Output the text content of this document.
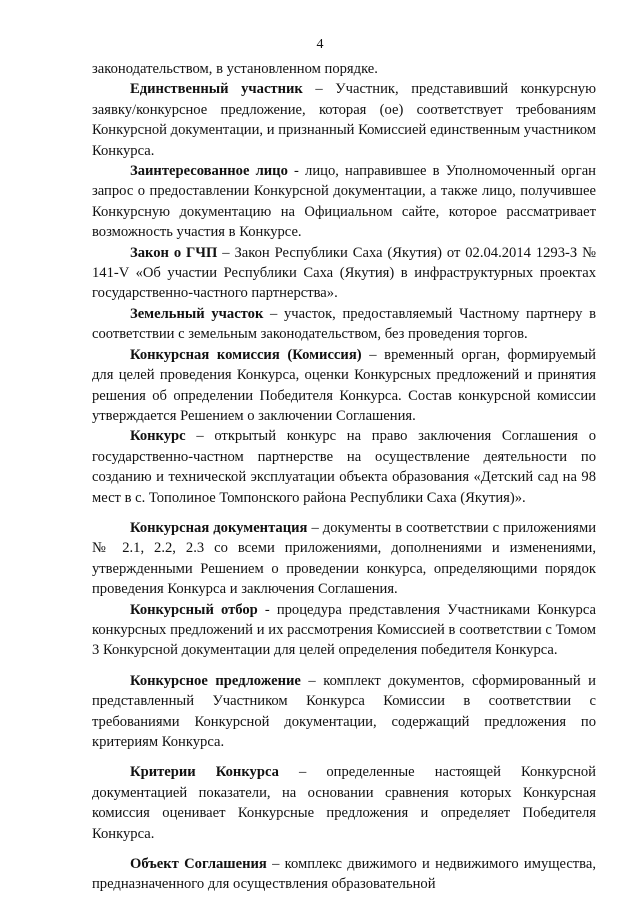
4

законодательством, в установленном порядке.

Единственный участник – Участник, представивший конкурсную заявку/конкурсное предложение, которая (ое) соответствует требованиям Конкурсной документации, и признанный Комиссией единственным участником Конкурса.

Заинтересованное лицо - лицо, направившее в Уполномоченный орган запрос о предоставлении Конкурсной документации, а также лицо, получившее Конкурсную документацию на Официальном сайте, которое рассматривает возможность участия в Конкурсе.

Закон о ГЧП – Закон Республики Саха (Якутия) от 02.04.2014 1293-З № 141-V «Об участии Республики Саха (Якутия) в инфраструктурных проектах государственно-частного партнерства».

Земельный участок – участок, предоставляемый Частному партнеру в соответствии с земельным законодательством, без проведения торгов.

Конкурсная комиссия (Комиссия) – временный орган, формируемый для целей проведения Конкурса, оценки Конкурсных предложений и принятия решения об определении Победителя Конкурса. Состав конкурсной комиссии утверждается Решением о заключении Соглашения.

Конкурс – открытый конкурс на право заключения Соглашения о государственно-частном партнерстве на осуществление деятельности по созданию и технической эксплуатации объекта образования «Детский сад на 98 мест в с. Тополиное Томпонского района Республики Саха (Якутия)».

Конкурсная документация – документы в соответствии с приложениями № 2.1, 2.2, 2.3 со всеми приложениями, дополнениями и изменениями, утвержденными Решением о проведении конкурса, определяющими порядок проведения Конкурса и заключения Соглашения.

Конкурсный отбор - процедура представления Участниками Конкурса конкурсных предложений и их рассмотрения Комиссией в соответствии с Томом 3 Конкурсной документации для целей определения победителя Конкурса.

Конкурсное предложение – комплект документов, сформированный и представленный Участником Конкурса Комиссии в соответствии с требованиями Конкурсной документации, содержащий предложения по критериям Конкурса.

Критерии Конкурса – определенные настоящей Конкурсной документацией показатели, на основании сравнения которых Конкурсная комиссия оценивает Конкурсные предложения и определяет Победителя Конкурса.

Объект Соглашения – комплекс движимого и недвижимого имущества, предназначенного для осуществления образовательной
